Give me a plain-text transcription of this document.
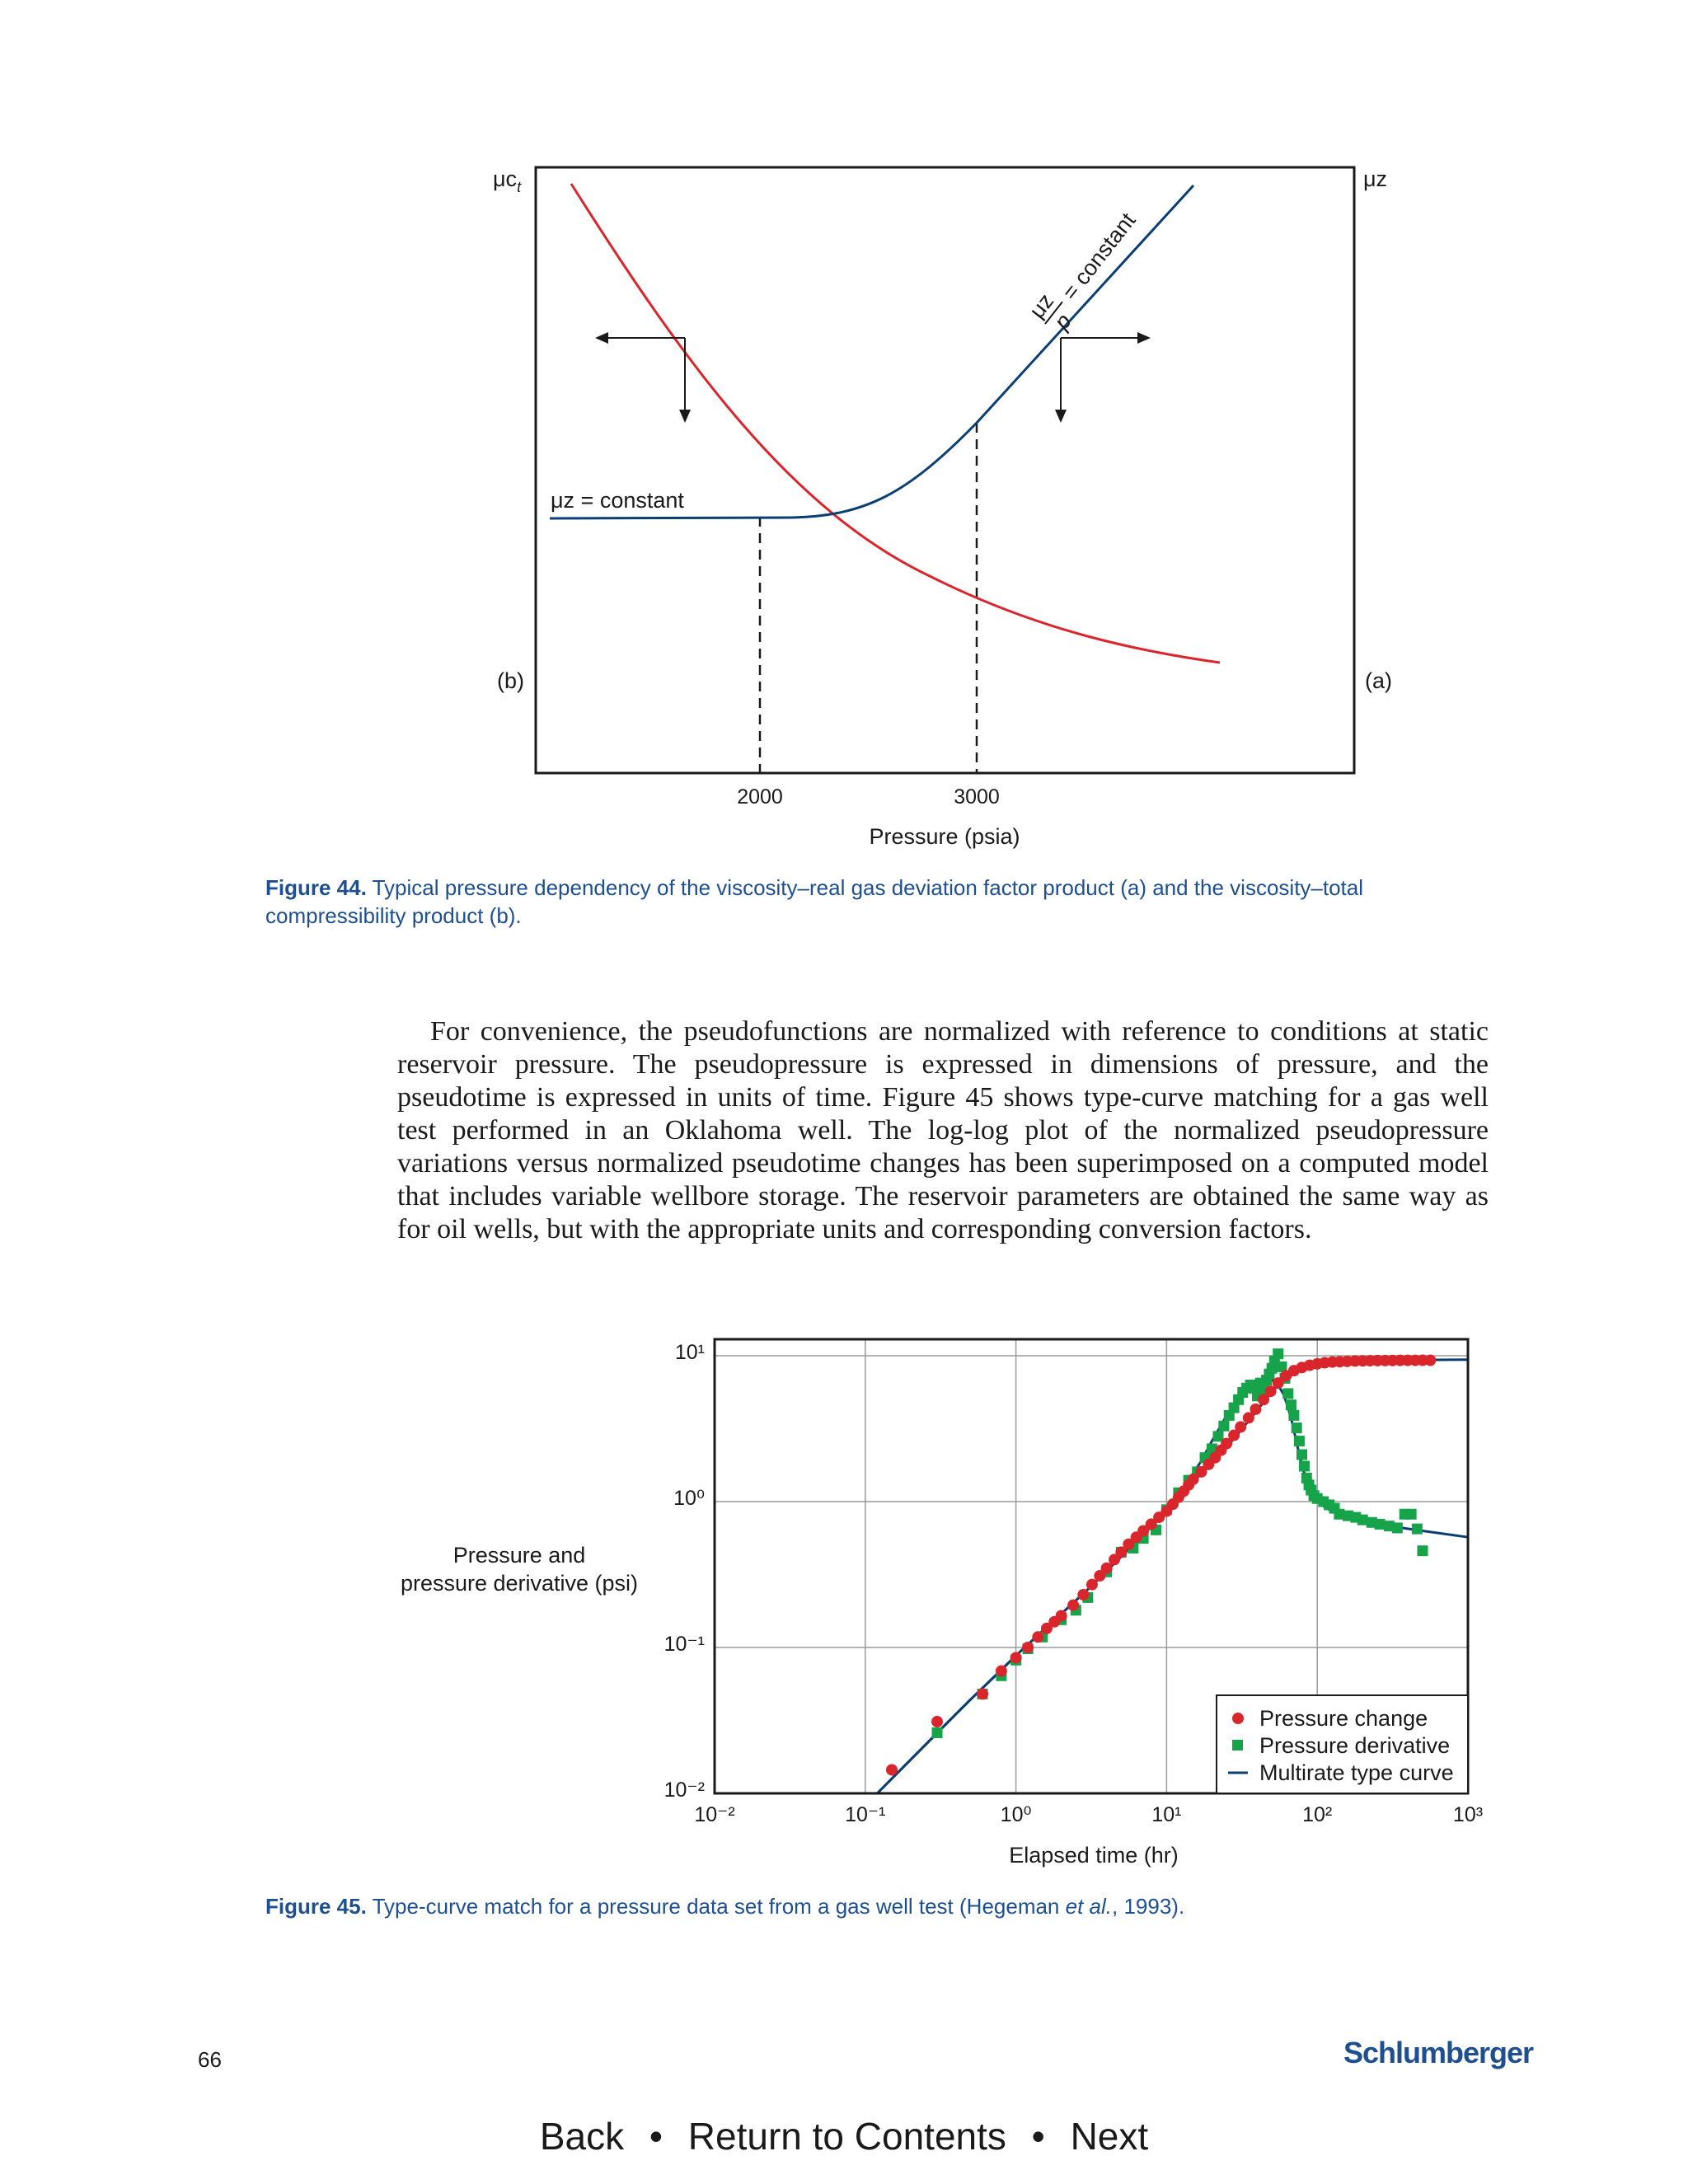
$\mu c_t$	μz
(b)	(a)
μz = constant
μz
p
= constant
2000	3000
Pressure (psia)
Figure 44. Typical pressure dependency of the viscosity–real gas deviation factor product (a) and the viscosity–total compressibility product (b).
For convenience, the pseudofunctions are normalized with reference to conditions at static reservoir pressure. The pseudopressure is expressed in dimensions of pressure, and the pseudotime is expressed in units of time. Figure 45 shows type-curve matching for a gas well test performed in an Oklahoma well. The log-log plot of the normalized pseudopressure variations versus normalized pseudotime changes has been superimposed on a computed model that includes variable wellbore storage. The reservoir parameters are obtained the same way as for oil wells, but with the appropriate units and corresponding conversion factors.
10⁻²	10⁻¹	10⁰	10¹	10²	10³
10⁻²
10⁻¹
10⁰
10¹
Pressure and
pressure derivative (psi)
Elapsed time (hr)
Pressure change
Pressure derivative
Multirate type curve
Figure 45. Type-curve match for a pressure data set from a gas well test (Hegeman et al., 1993).
66	Schlumberger
Back • Return to Contents • Next
